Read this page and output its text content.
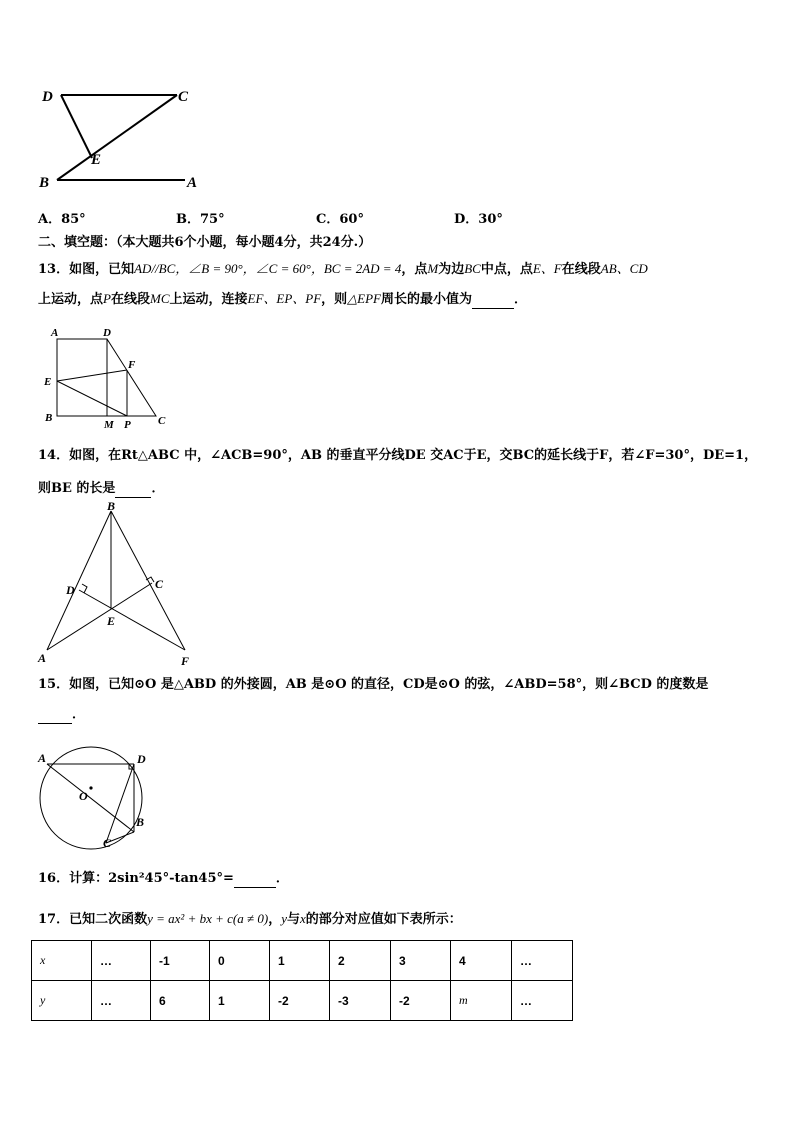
D	C
E
B	A
A．85°	B．75°	C．60°	D．30°
二、填空题：（本大题共6个小题，每小题4分，共24分.）
13．如图，已知AD//BC，∠B = 90°，∠C = 60°，BC = 2AD = 4，点M为边BC中点，点E、F在线段AB、CD
上运动，点P在线段MC上运动，连接EF、EP、PF，则△EPF周长的最小值为	．
A	D
F
E
B
M P C
14．如图，在Rt△ABC 中，∠ACB=90°，AB 的垂直平分线DE 交AC于E，交BC的延长线于F，若∠F=30°，DE=1，
则BE 的长是	．
B
D	C
E
A	F
15．如图，已知⊙O 是△ABD 的外接圆，AB 是⊙O 的直径，CD是⊙O 的弦，∠ABD=58°，则∠BCD 的度数是
．
A	D
O
B
C
16．计算：2sin²45°-tan45°=	．
17．已知二次函数y = ax² + bx + c(a ≠ 0)，y与x的部分对应值如下表所示：
x	…	-1	0	1	2	3	4	…
y	…	6	1	-2	-3	-2	m	…
